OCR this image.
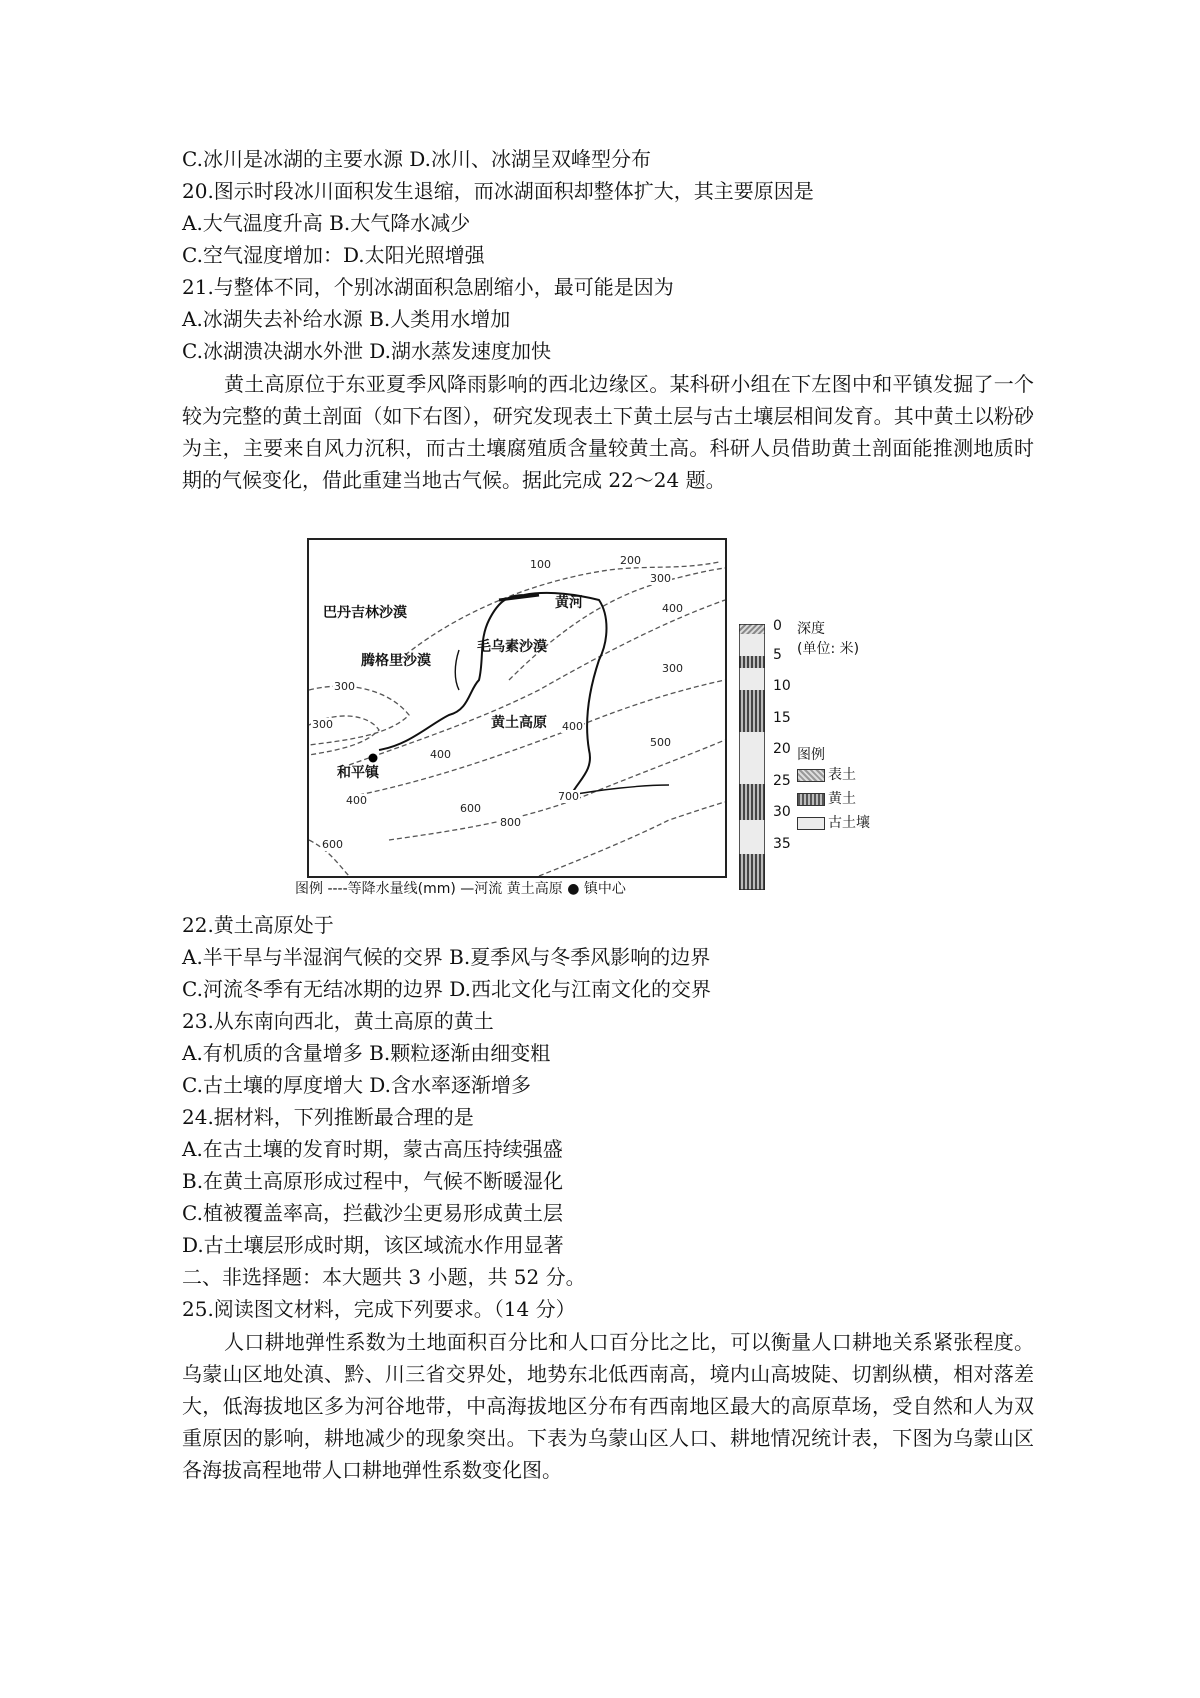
C.冰川是冰湖的主要水源 D.冰川、冰湖呈双峰型分布
20.图示时段冰川面积发生退缩，而冰湖面积却整体扩大，其主要原因是
A.大气温度升高 B.大气降水减少
C.空气湿度增加：D.太阳光照增强
21.与整体不同，个别冰湖面积急剧缩小，最可能是因为
A.冰湖失去补给水源 B.人类用水增加
C.冰湖溃决湖水外泄 D.湖水蒸发速度加快
黄土高原位于东亚夏季风降雨影响的西北边缘区。某科研小组在下左图中和平镇发掘了一个较为完整的黄土剖面（如下右图），研究发现表土下黄土层与古土壤层相间发育。其中黄土以粉砂为主，主要来自风力沉积，而古土壤腐殖质含量较黄土高。科研人员借助黄土剖面能推测地质时期的气候变化，借此重建当地古气候。据此完成 22～24 题。
巴丹吉林沙漠
腾格里沙漠
毛乌素沙漠
黄河
黄土高原
和平镇
100	200
300
400
300
300
400
400
400
500
600
700
800
600
300
图例 ----等降水量线(mm) —河流 黄土高原 ● 镇中心
0
5
10
15
20
25
30
35
深度
(单位: 米)
图例
表土
黄土
古土壤
22.黄土高原处于
A.半干旱与半湿润气候的交界 B.夏季风与冬季风影响的边界
C.河流冬季有无结冰期的边界 D.西北文化与江南文化的交界
23.从东南向西北，黄土高原的黄土
A.有机质的含量增多 B.颗粒逐渐由细变粗
C.古土壤的厚度增大 D.含水率逐渐增多
24.据材料，下列推断最合理的是
A.在古土壤的发育时期，蒙古高压持续强盛
B.在黄土高原形成过程中，气候不断暖湿化
C.植被覆盖率高，拦截沙尘更易形成黄土层
D.古土壤层形成时期，该区域流水作用显著
二、非选择题：本大题共 3 小题，共 52 分。
25.阅读图文材料，完成下列要求。（14 分）
人口耕地弹性系数为土地面积百分比和人口百分比之比，可以衡量人口耕地关系紧张程度。乌蒙山区地处滇、黔、川三省交界处，地势东北低西南高，境内山高坡陡、切割纵横，相对落差大，低海拔地区多为河谷地带，中高海拔地区分布有西南地区最大的高原草场，受自然和人为双重原因的影响，耕地减少的现象突出。下表为乌蒙山区人口、耕地情况统计表，下图为乌蒙山区各海拔高程地带人口耕地弹性系数变化图。
